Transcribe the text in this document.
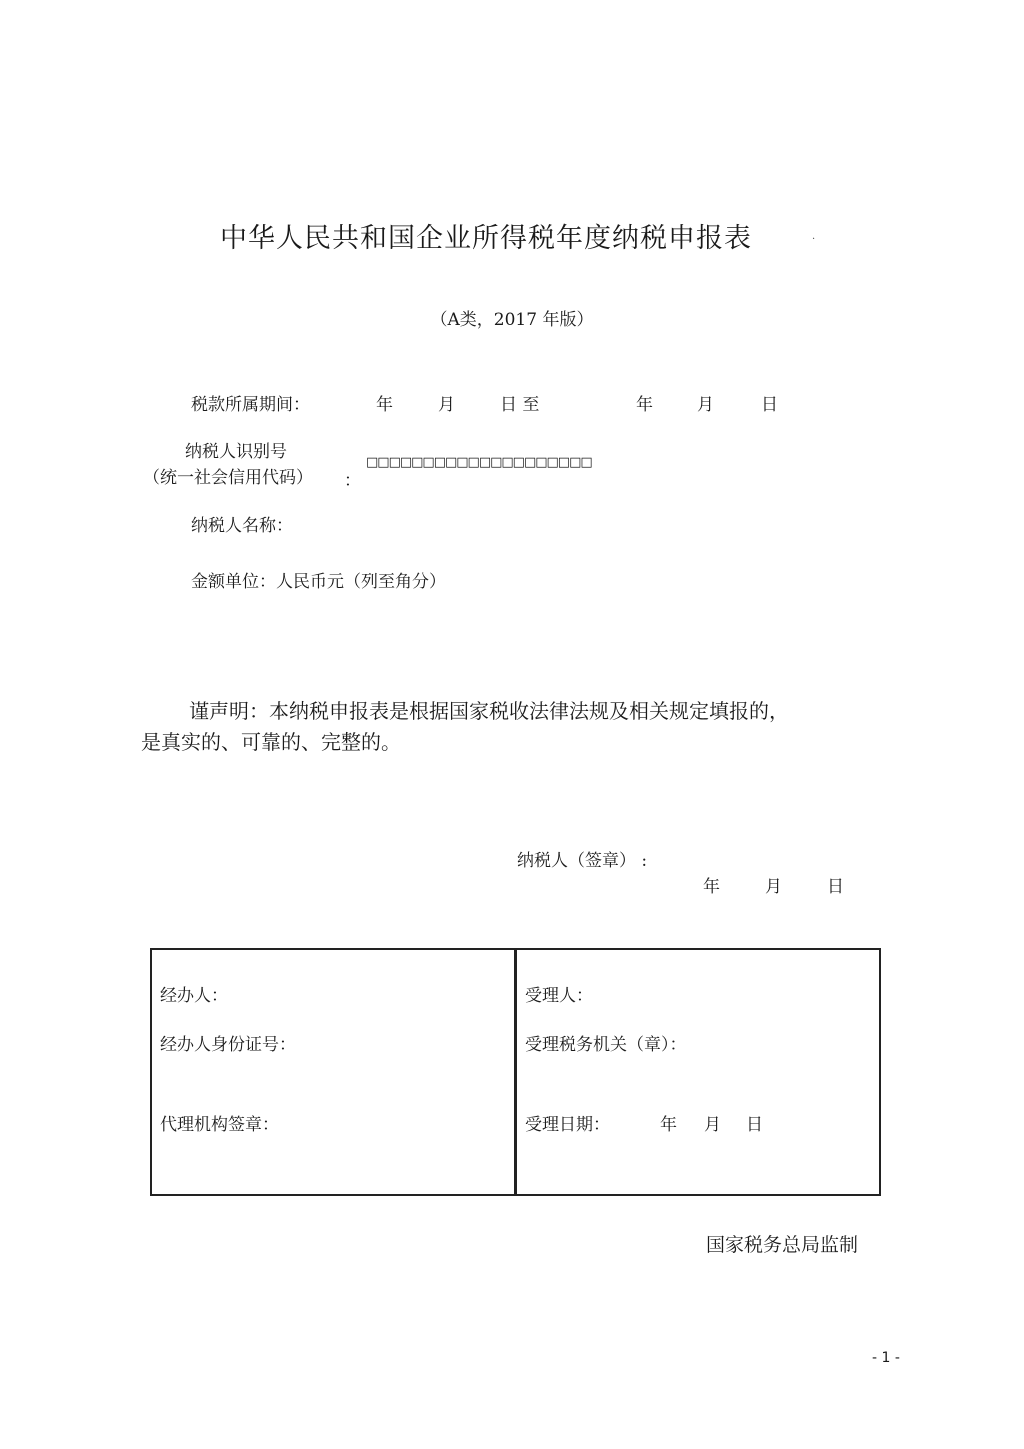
中华人民共和国企业所得税年度纳税申报表	·
（A类，2017 年版）
税款所属期间：	年	月	日 至	年	月	日
纳税人识别号
（统一社会信用代码） ：
□□□□□□□□□□□□□□□□□□□□
纳税人名称：
金额单位：人民币元（列至角分）
谨声明：本纳税申报表是根据国家税收法律法规及相关规定填报的，
是真实的、可靠的、完整的。
纳税人（签章） :
年	月	日
经办人：
经办人身份证号：
代理机构签章：

受理人：
受理税务机关（章）：
受理日期：	年 月 日
国家税务总局监制
- 1 -
